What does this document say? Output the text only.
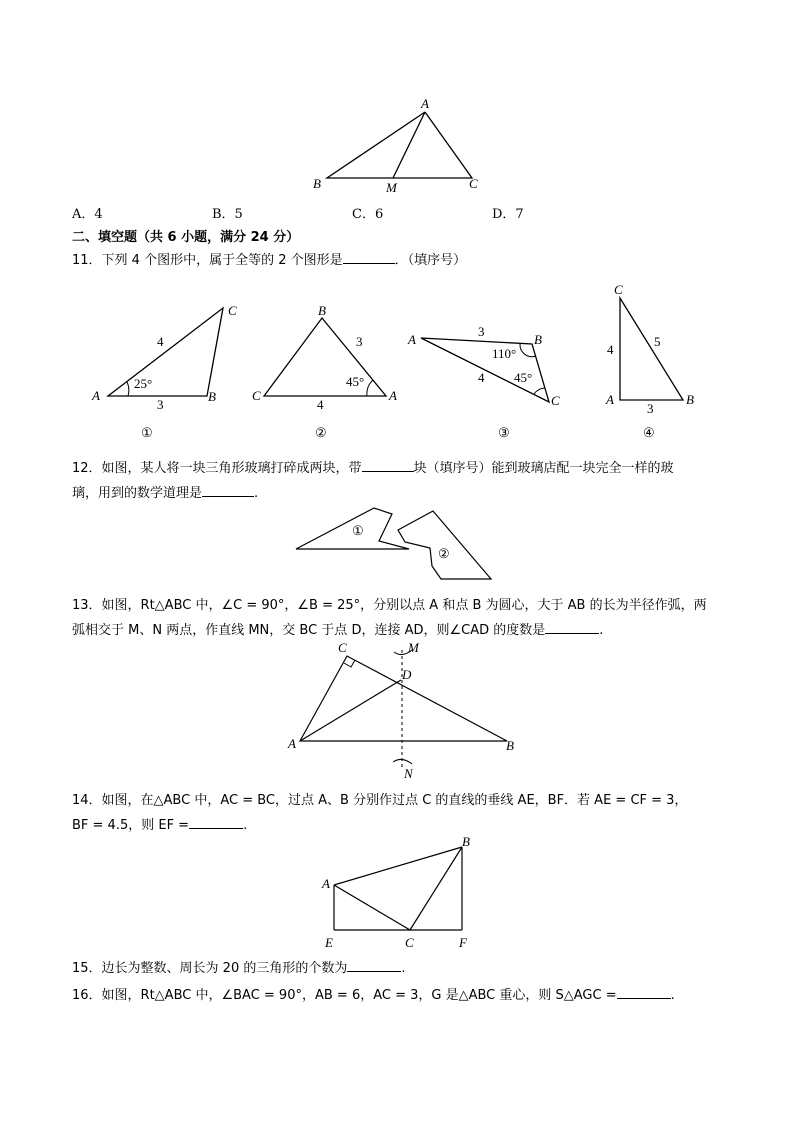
A
B	M	C
A．4	B．5	C．6	D．7
二、填空题（共 6 小题，满分 24 分）
11．下列 4 个图形中，属于全等的 2 个图形是	．（填序号）
A	B
C
4
3
25°
①
A
B
C
3
4
45°
②
A	B
C
3
4
110°
45°
③
C
A	B
4
5
3
④
12．如图，某人将一块三角形玻璃打碎成两块，带	块（填序号）能到玻璃店配一块完全一样的玻
璃，用到的数学道理是	.
①
②
13．如图，Rt△ABC 中，∠C = 90°，∠B = 25°，分别以点 A 和点 B 为圆心，大于 AB 的长为半径作弧，两
弧相交于 M、N 两点，作直线 MN，交 BC 于点 D，连接 AD，则∠CAD 的度数是	.
A	B
C
D
M
N
14．如图，在△ABC 中，AC = BC，过点 A、B 分别作过点 C 的直线的垂线 AE，BF．若 AE = CF = 3，
BF = 4.5，则 EF =	.
A
B
C
E	F
15．边长为整数、周长为 20 的三角形的个数为	.
16．如图，Rt△ABC 中，∠BAC = 90°，AB = 6，AC = 3，G 是△ABC 重心，则 S△AGC =	.
